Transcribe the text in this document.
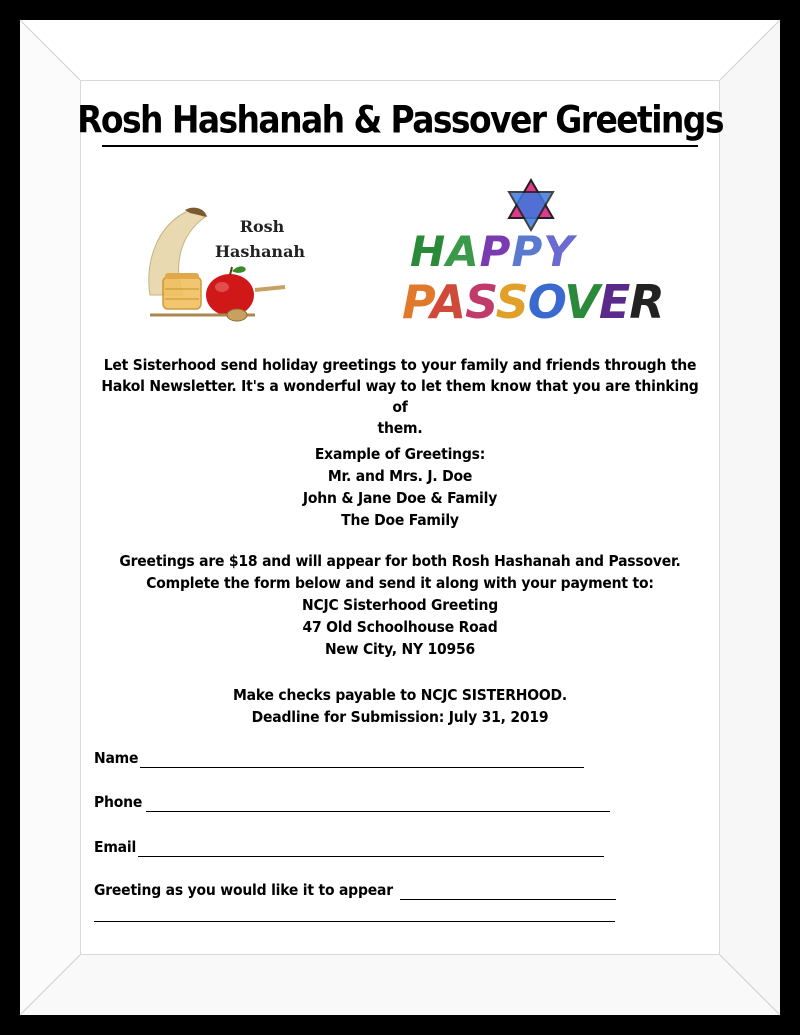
Rosh Hashanah & Passover Greetings
Rosh
Hashanah	HAPPY
PASSOVER
Let Sisterhood send holiday greetings to your family and friends through the
Hakol Newsletter. It's a wonderful way to let them know that you are thinking of
them.
Example of Greetings:
Mr. and Mrs. J. Doe
John & Jane Doe & Family
The Doe Family
Greetings are $18 and will appear for both Rosh Hashanah and Passover.
Complete the form below and send it along with your payment to:
NCJC Sisterhood Greeting
47 Old Schoolhouse Road
New City, NY 10956
Make checks payable to NCJC SISTERHOOD.
Deadline for Submission: July 31, 2019
Name
Phone
Email
Greeting as you would like it to appear
